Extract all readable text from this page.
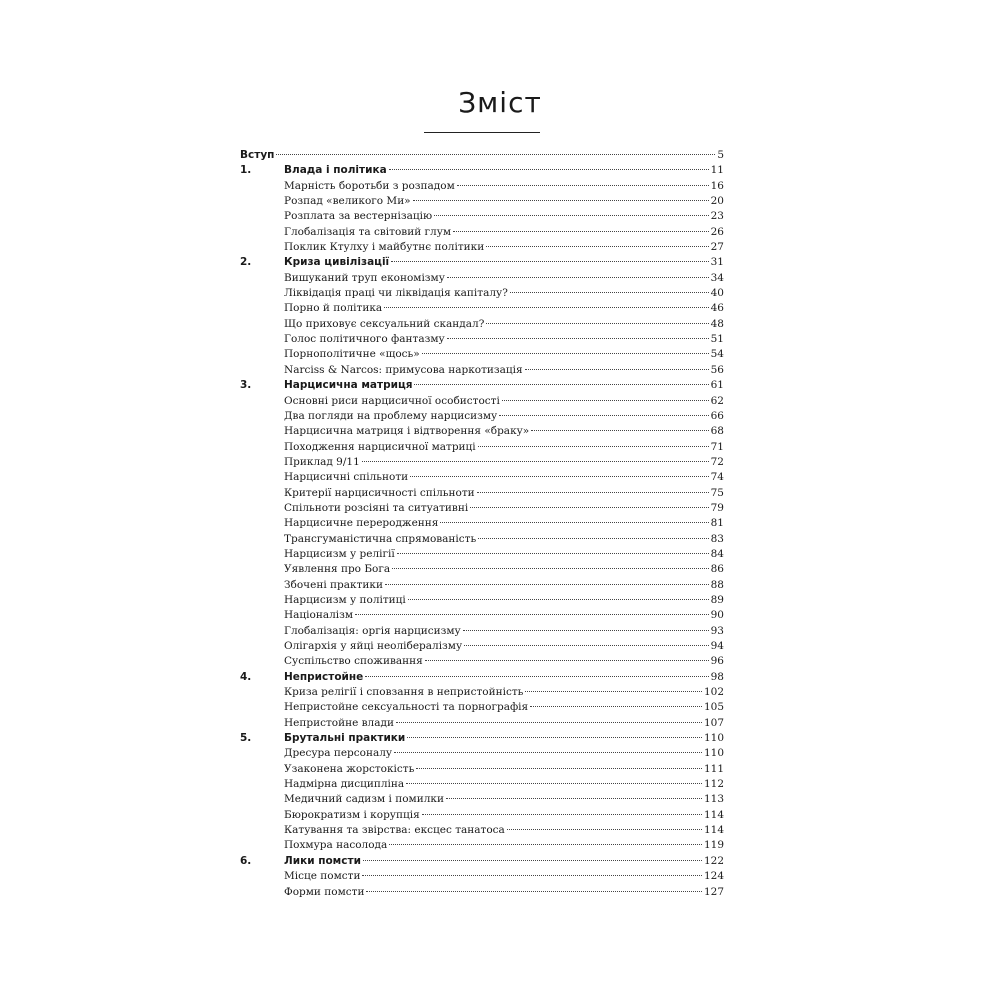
Зміст
Вступ	5
1.	Влада і політика	11
Марність боротьби з розпадом	16
Розпад «великого Ми»	20
Розплата за вестернізацію	23
Глобалізація та світовий глум	26
Поклик Ктулху і майбутнє політики	27
2.	Криза цивілізації	31
Вишуканий труп економізму	34
Ліквідація праці чи ліквідація капіталу?	40
Порно й політика	46
Що приховує сексуальний скандал?	48
Голос політичного фантазму	51
Порнополітичне «щось»	54
Narciss & Narcos: примусова наркотизація	56
3.	Нарцисична матриця	61
Основні риси нарцисичної особистості	62
Два погляди на проблему нарцисизму	66
Нарцисична матриця і відтворення «браку»	68
Походження нарцисичної матриці	71
Приклад 9/11	72
Нарцисичні спільноти	74
Критерії нарцисичності спільноти	75
Спільноти розсіяні та ситуативні	79
Нарцисичне переродження	81
Трансгуманістична спрямованість	83
Нарцисизм у релігії	84
Уявлення про Бога	86
Збочені практики	88
Нарцисизм у політиці	89
Націоналізм	90
Глобалізація: оргія нарцисизму	93
Олігархія у яйці неолібералізму	94
Суспільство споживання	96
4.	Непристойне	98
Криза релігії і сповзання в непристойність	102
Непристойне сексуальності та порнографія	105
Непристойне влади	107
5.	Брутальні практики	110
Дресура персоналу	110
Узаконена жорстокість	111
Надмірна дисципліна	112
Медичний садизм і помилки	113
Бюрократизм і корупція	114
Катування та звірства: ексцес танатоса	114
Похмура насолода	119
6.	Лики помсти	122
Місце помсти	124
Форми помсти	127
